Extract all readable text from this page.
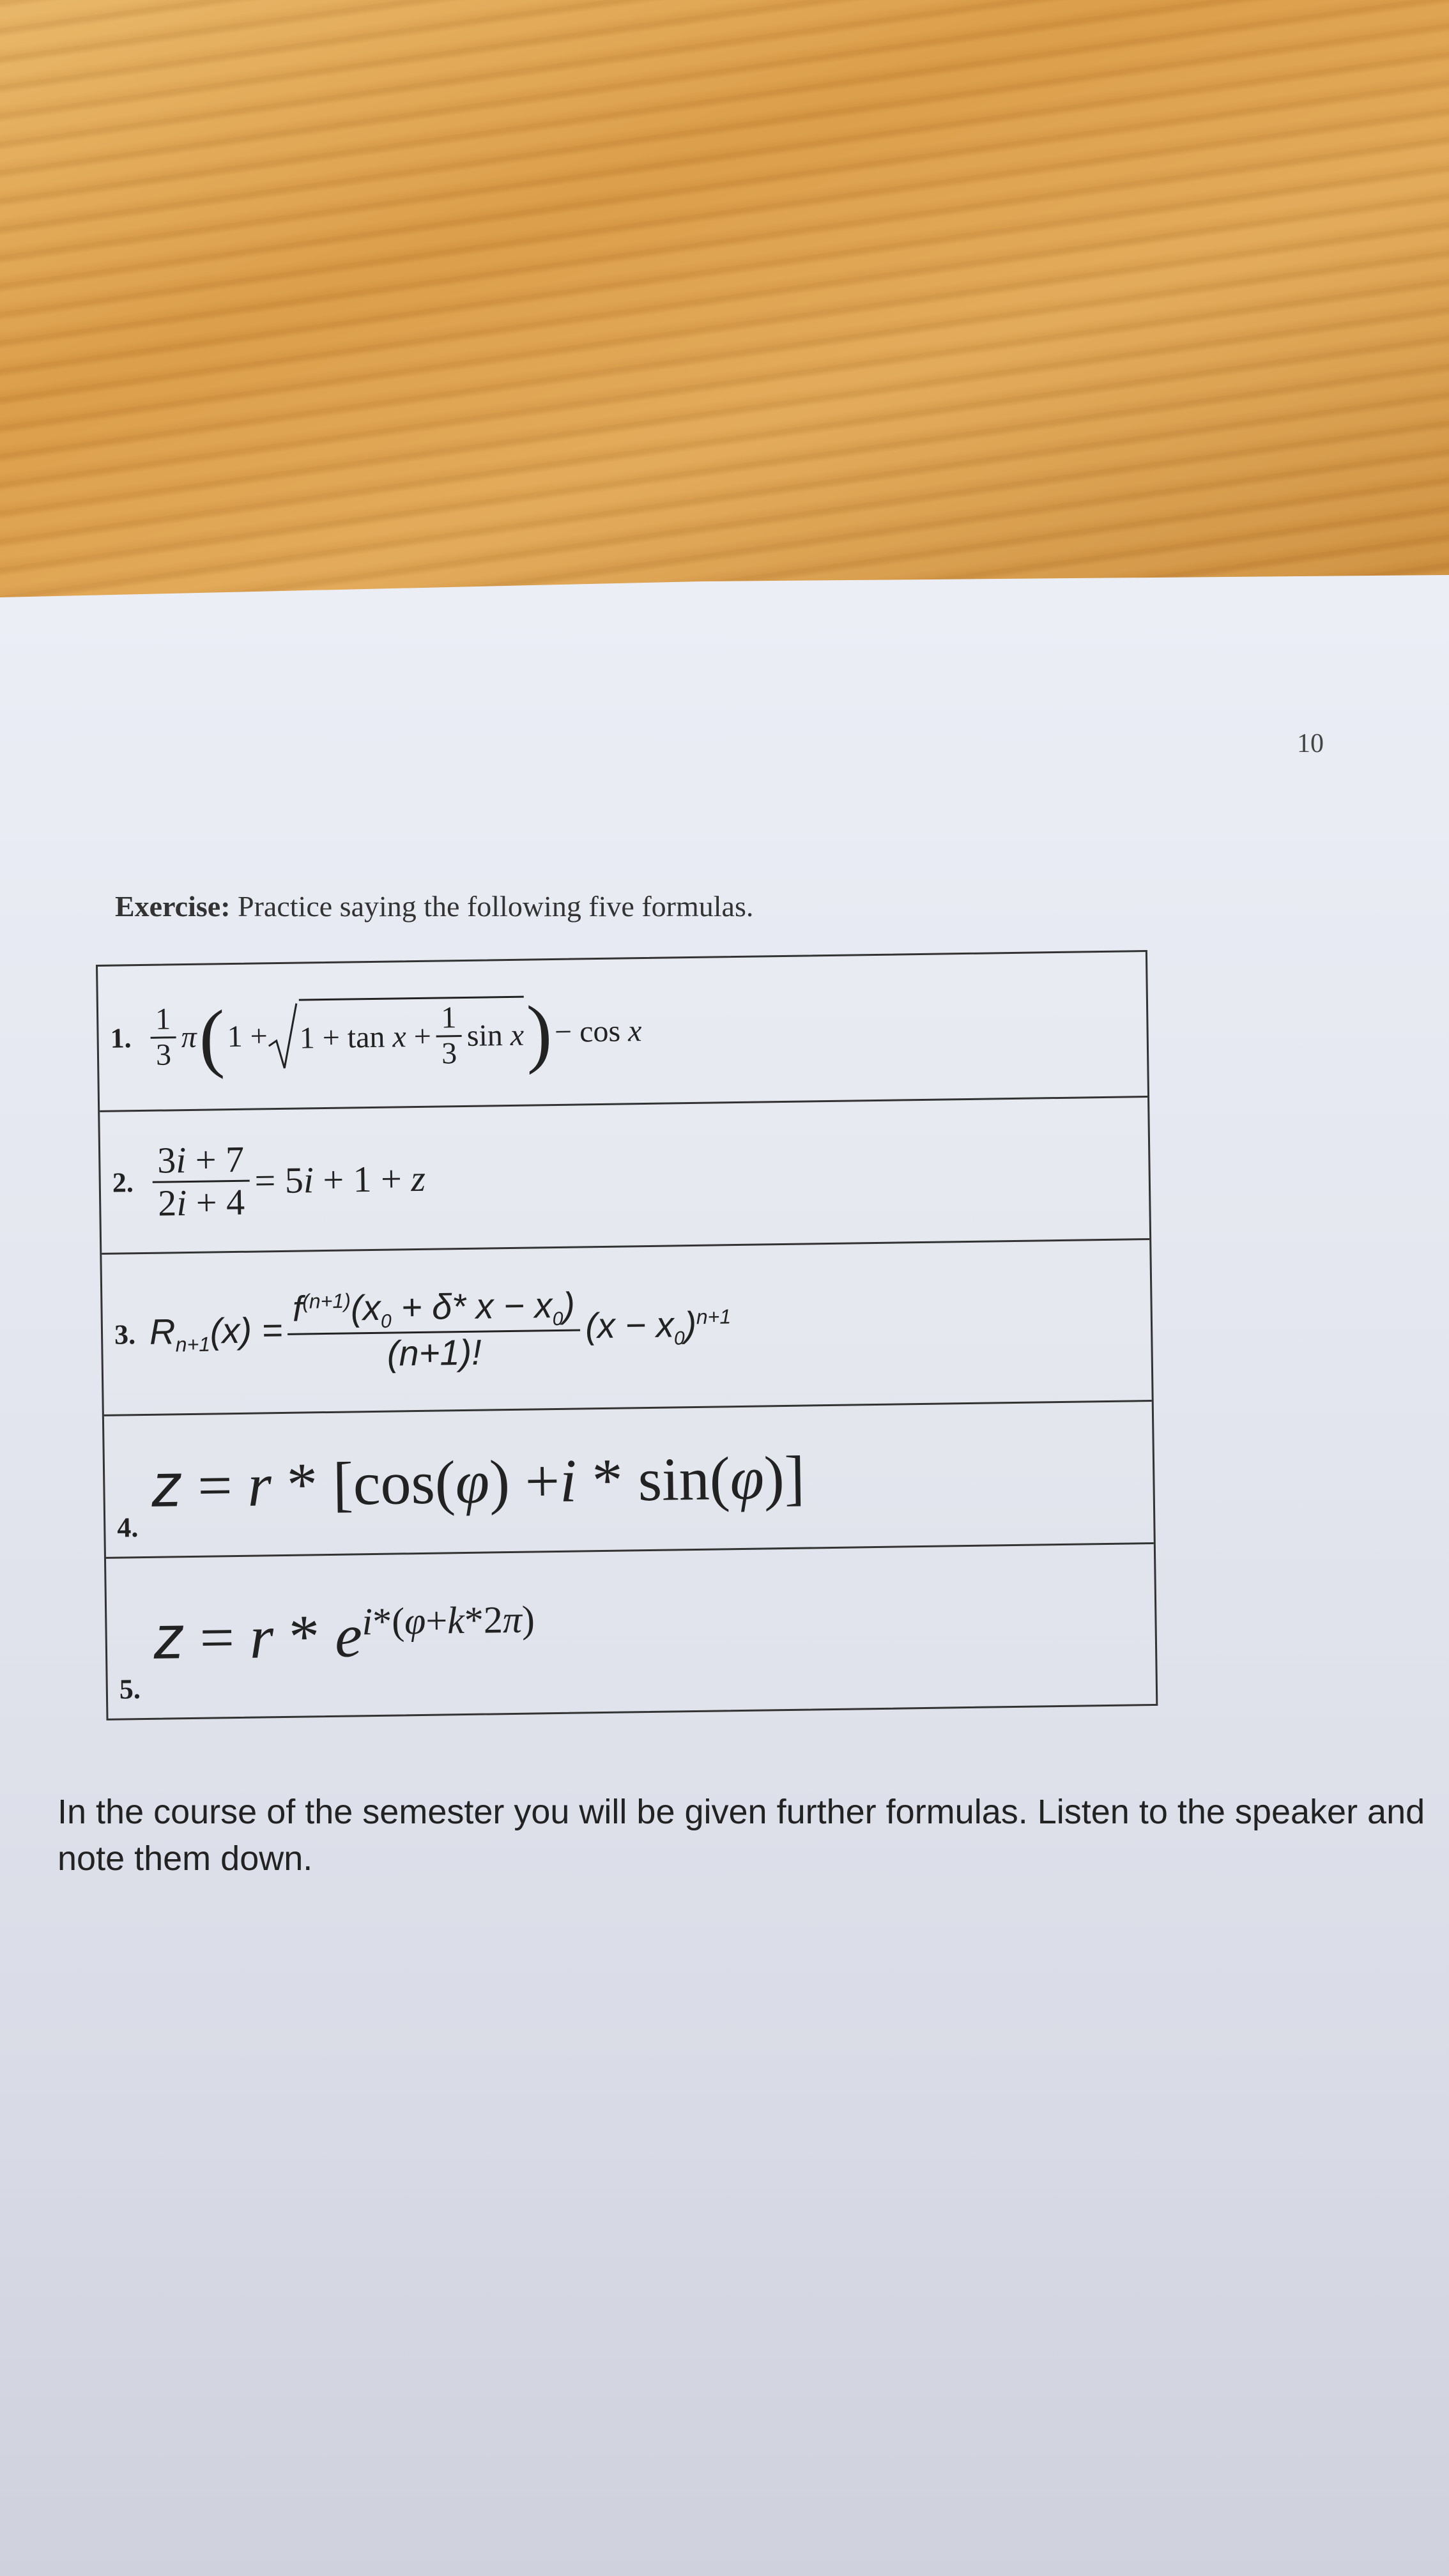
10
Exercise: Practice saying the following five formulas.
1. $\frac{1}{3}$ π ( $1 + 1 + \tan x + \frac{1}{3}$ sin x ) − cos x
2. $\frac{3i + 7}{2i + 4} = 5i + 1 + z$
3. $R_{n+1}(x) = \frac{f^{(n+1)}(x_0 + \delta* x - x_0)}{(n+1)!} (x - x_0)^{n+1}$
4.
z
=
r
* [cos(
φ
) +
i
* sin(
φ
)]
5.
z
=
r
*
e
i*(φ+k*2π)
In the course of the semester you will be given further formulas. Listen to the speaker and note them down.
